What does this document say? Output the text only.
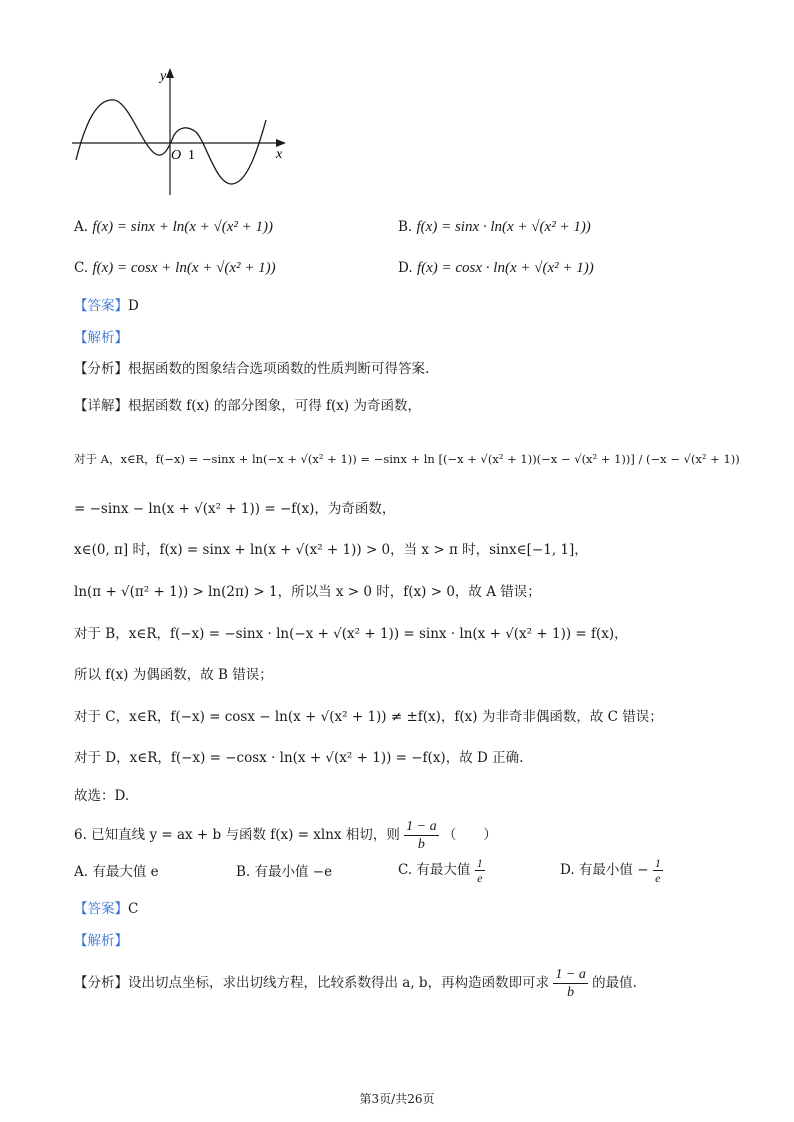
y
x
O 1
A. f(x) = sinx + ln(x + √(x² + 1))	B. f(x) = sinx · ln(x + √(x² + 1))
C. f(x) = cosx + ln(x + √(x² + 1))	D. f(x) = cosx · ln(x + √(x² + 1))
【答案】D
【解析】
【分析】根据函数的图象结合选项函数的性质判断可得答案.
【详解】根据函数 f(x) 的部分图象，可得 f(x) 为奇函数，
对于 A，x∈R，f(−x) = −sinx + ln(−x + √(x² + 1)) = −sinx + ln [(−x + √(x² + 1))(−x − √(x² + 1))] / (−x − √(x² + 1))
= −sinx − ln(x + √(x² + 1)) = −f(x)，为奇函数，
x∈(0, π] 时，f(x) = sinx + ln(x + √(x² + 1)) > 0，当 x > π 时，sinx∈[−1, 1]，
ln(π + √(π² + 1)) > ln(2π) > 1，所以当 x > 0 时，f(x) > 0，故 A 错误；
对于 B，x∈R，f(−x) = −sinx · ln(−x + √(x² + 1)) = sinx · ln(x + √(x² + 1)) = f(x)，
所以 f(x) 为偶函数，故 B 错误；
对于 C，x∈R，f(−x) = cosx − ln(x + √(x² + 1)) ≠ ±f(x)，f(x) 为非奇非偶函数，故 C 错误；
对于 D，x∈R，f(−x) = −cosx · ln(x + √(x² + 1)) = −f(x)，故 D 正确.
故选：D.
6. 已知直线 y = ax + b 与函数 f(x) = xlnx 相切，则 $\frac{1 - a}{b}$ （　　）
A. 有最大值 e	B. 有最小值 −e	C. 有最大值 $\frac{1}{e}$	D. 有最小值 − $\frac{1}{e}$
【答案】C
【解析】
【分析】设出切点坐标，求出切线方程，比较系数得出 a, b，再构造函数即可求 $\frac{1 - a}{b}$ 的最值.
第3页/共26页
